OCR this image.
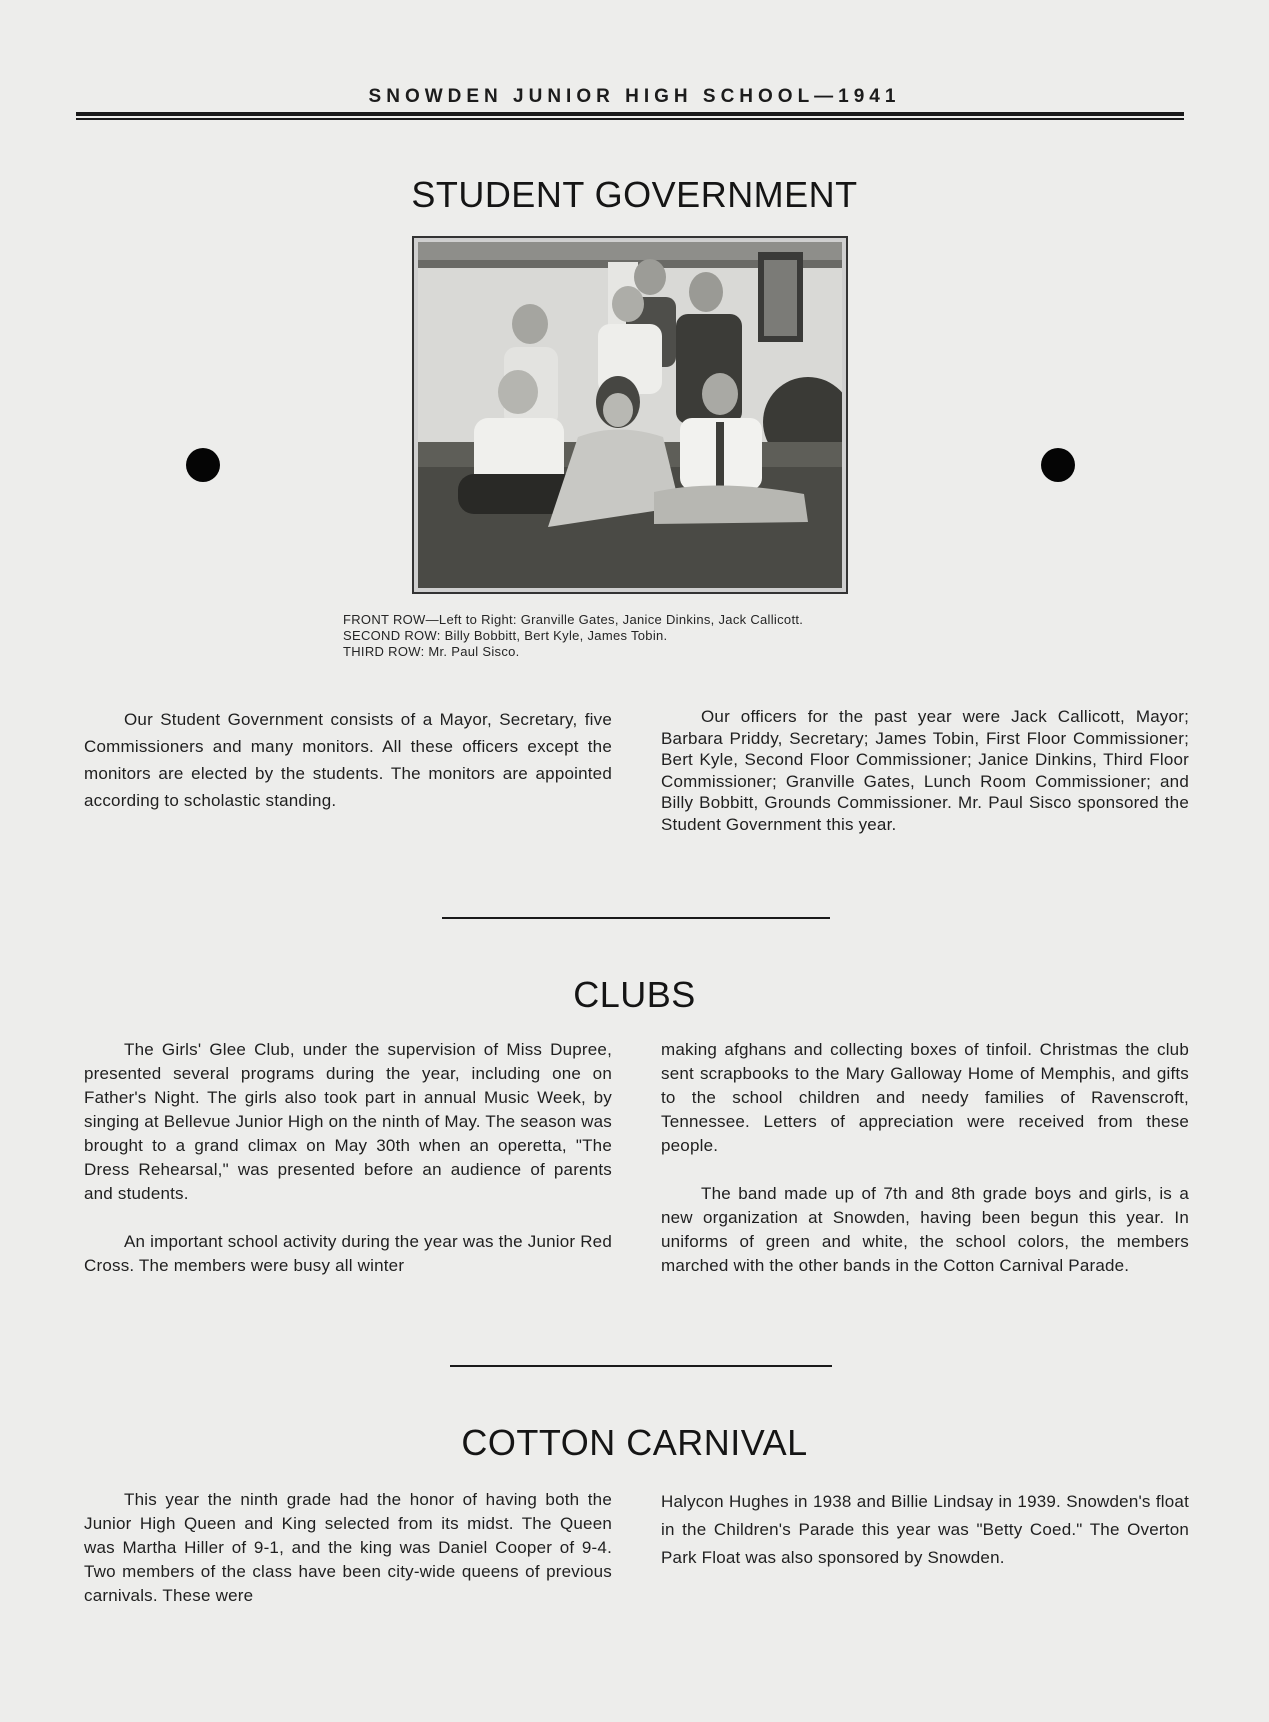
SNOWDEN JUNIOR HIGH SCHOOL—1941
STUDENT GOVERNMENT
FRONT ROW—Left to Right: Granville Gates, Janice Dinkins, Jack Callicott.
SECOND ROW: Billy Bobbitt, Bert Kyle, James Tobin.
THIRD ROW: Mr. Paul Sisco.

Our Student Government consists of a Mayor, Secretary, five Commissioners and many monitors. All these officers except the monitors are elected by the students. The monitors are appointed according to scholastic standing.

Our officers for the past year were Jack Callicott, Mayor; Barbara Priddy, Secretary; James Tobin, First Floor Commissioner; Bert Kyle, Second Floor Commissioner; Janice Dinkins, Third Floor Commissioner; Granville Gates, Lunch Room Commissioner; and Billy Bobbitt, Grounds Commissioner. Mr. Paul Sisco sponsored the Student Government this year.

CLUBS

The Girls' Glee Club, under the supervision of Miss Dupree, presented several programs during the year, including one on Father's Night. The girls also took part in annual Music Week, by singing at Bellevue Junior High on the ninth of May. The season was brought to a grand climax on May 30th when an operetta, "The Dress Rehearsal," was presented before an audience of parents and students.

An important school activity during the year was the Junior Red Cross. The members were busy all winter

making afghans and collecting boxes of tinfoil. Christmas the club sent scrapbooks to the Mary Galloway Home of Memphis, and gifts to the school children and needy families of Ravenscroft, Tennessee. Letters of appreciation were received from these people.

The band made up of 7th and 8th grade boys and girls, is a new organization at Snowden, having been begun this year. In uniforms of green and white, the school colors, the members marched with the other bands in the Cotton Carnival Parade.

COTTON CARNIVAL

This year the ninth grade had the honor of having both the Junior High Queen and King selected from its midst. The Queen was Martha Hiller of 9-1, and the king was Daniel Cooper of 9-4. Two members of the class have been city-wide queens of previous carnivals. These were

Halycon Hughes in 1938 and Billie Lindsay in 1939. Snowden's float in the Children's Parade this year was "Betty Coed." The Overton Park Float was also sponsored by Snowden.
